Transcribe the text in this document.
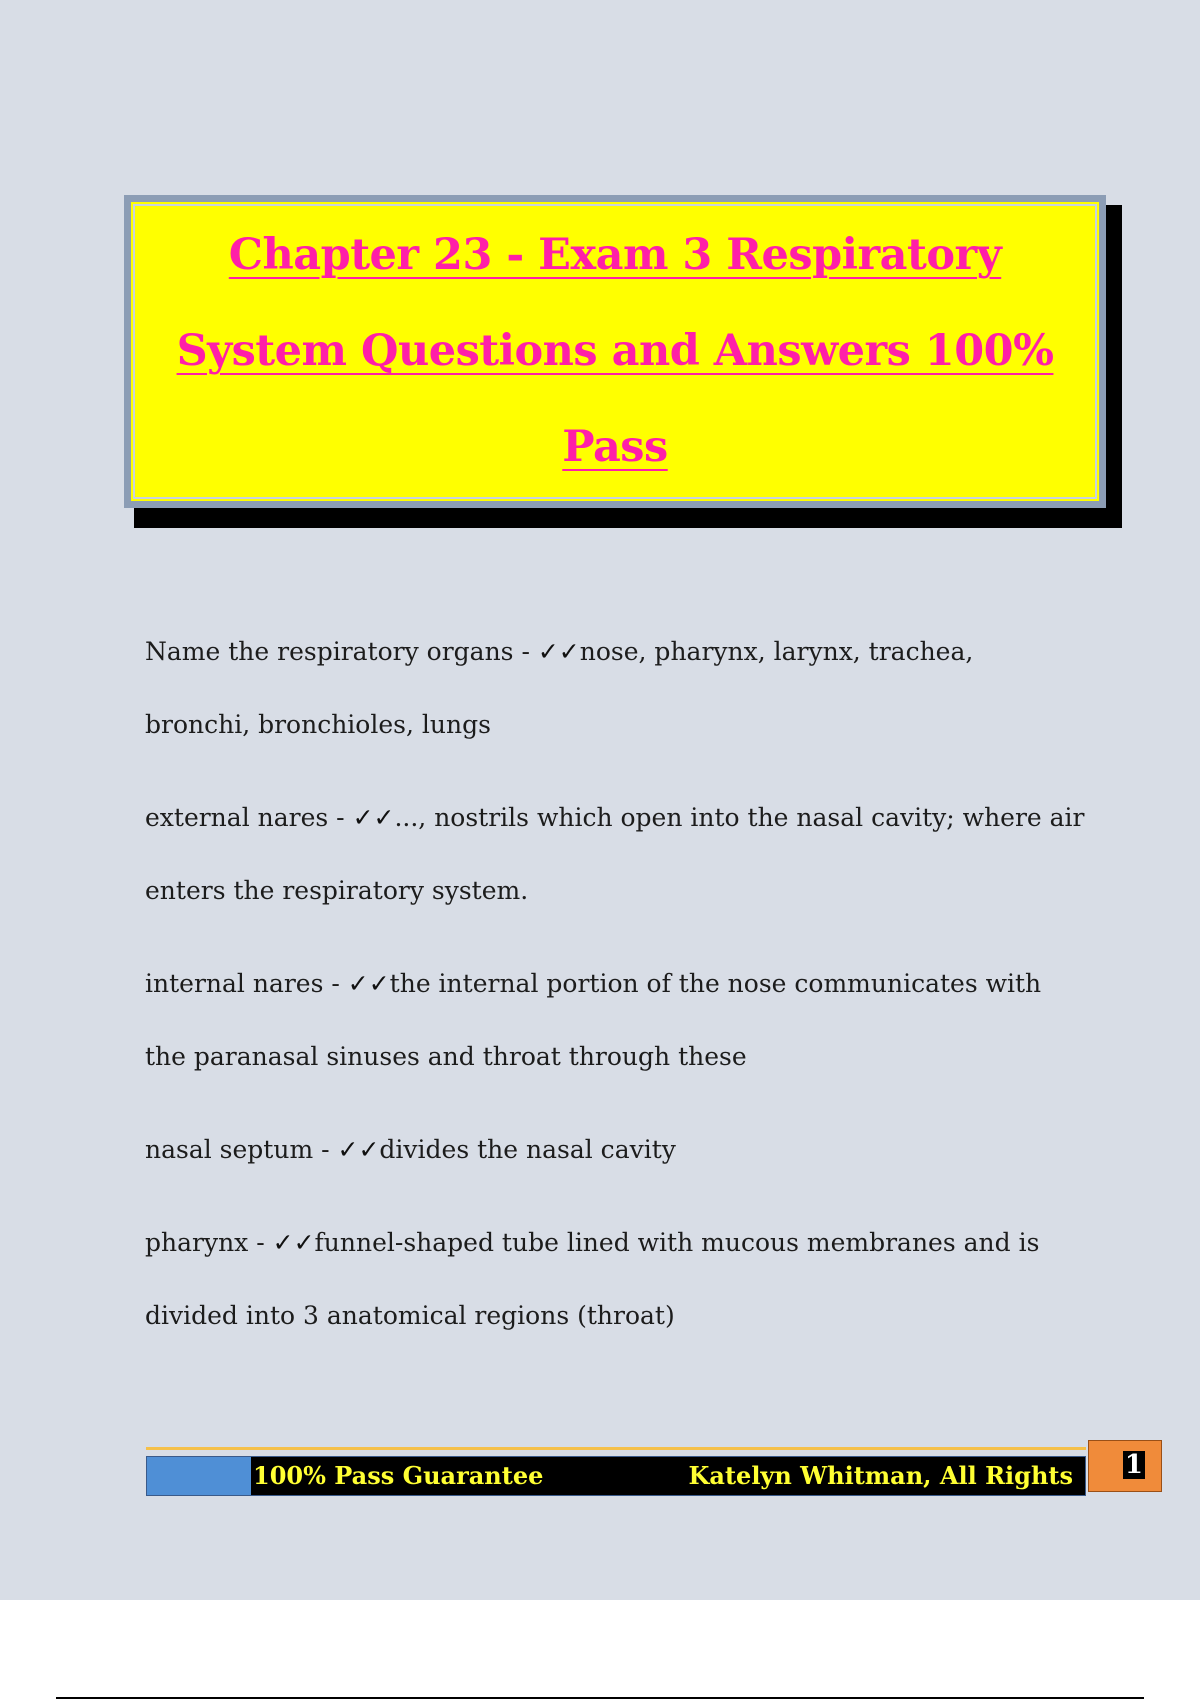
Chapter 23 - Exam 3 Respiratory
System Questions and Answers 100%
Pass
Name the respiratory organs - ✓✓nose, pharynx, larynx, trachea, bronchi, bronchioles, lungs
external nares - ✓✓..., nostrils which open into the nasal cavity; where air enters the respiratory system.
internal nares - ✓✓the internal portion of the nose communicates with the paranasal sinuses and throat through these
nasal septum - ✓✓divides the nasal cavity
pharynx - ✓✓funnel-shaped tube lined with mucous membranes and is divided into 3 anatomical regions (throat)
100% Pass Guarantee	Katelyn Whitman, All Rights 1
